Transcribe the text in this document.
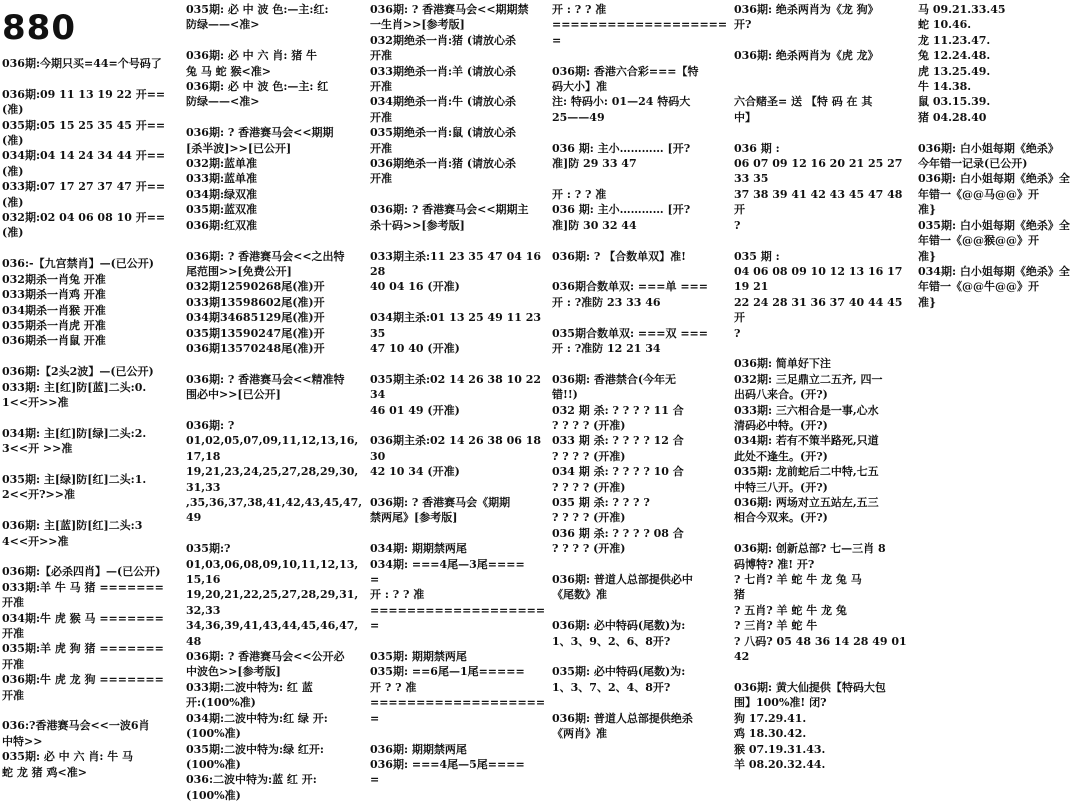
880

036期:今期只买=44=个号码了

036期:09 11 13 19 22 开==(准)

035期:05 15 25 35 45 开==(准)

034期:04 14 24 34 44 开==(准)

033期:07 17 27 37 47 开==(准)

032期:02 04 06 08 10 开==(准)

036:-【九宫禁肖】—(已公开)

032期杀一肖兔 开准

033期杀一肖鸡 开准

034期杀一肖猴 开准

035期杀一肖虎 开准

036期杀一肖鼠 开准

036期:【2头2波】—(已公开)

033期: 主[红]防[蓝]二头:0.

1<<开>>准

034期: 主[红]防[绿]二头:2.

3<<开 >>准

035期: 主[绿]防[红]二头:1.

2<<开?>>准

036期: 主[蓝]防[红]二头:3

4<<开>>准

036期:【必杀四肖】—(已公开)

033期:羊 牛 马 猪 =======

开准

034期:牛 虎 猴 马 =======

开准

035期:羊 虎 狗 猪 =======

开准

036期:牛 虎 龙 狗 =======

开准

036:?香港赛马会<<一波6肖

中特>>

035期: 必 中 六 肖: 牛 马

蛇 龙 猪 鸡<准>

035期: 必 中 波 色:—主:红:

防绿——<准>

036期: 必 中 六 肖: 猪 牛

兔 马 蛇 猴<准>

036期: 必 中 波 色:—主: 红

防绿——<准>

036期: ? 香港赛马会<<期期

[杀半波]>>[已公开]

032期:蓝单准

033期:蓝单准

034期:绿双准

035期:蓝双准

036期:红双准

036期: ? 香港赛马会<<之出特

尾范围>>[免费公开]

032期12590268尾(准)开

033期13598602尾(准)开

034期34685129尾(准)开

035期13590247尾(准)开

036期13570248尾(准)开

036期: ? 香港赛马会<<精准特

围必中>>[已公开]

036期: ?

01,02,05,07,09,11,12,13,16,17,18

19,21,23,24,25,27,28,29,30,31,33

,35,36,37,38,41,42,43,45,47,49

035期:?

01,03,06,08,09,10,11,12,13,15,16

19,20,21,22,25,27,28,29,31,32,33

34,36,39,41,43,44,45,46,47,48

036期: ? 香港赛马会<<公开必

中波色>>[参考版]

033期:二波中特为: 红 蓝

开:(100%准)

034期:二波中特为:红 绿 开:

(100%准)

035期:二波中特为:绿 红开:

(100%准)

036:二波中特为:蓝 红 开:

(100%准)

036期: ? 香港赛马会<<期期禁

一生肖>>[参考版]

032期绝杀一肖:猪 (请放心杀

开准

033期绝杀一肖:羊 (请放心杀

开准

034期绝杀一肖:牛 (请放心杀

开准

035期绝杀一肖:鼠 (请放心杀

开准

036期绝杀一肖:猪 (请放心杀

开准

036期: ? 香港赛马会<<期期主

杀十码>>[参考版]

033期主杀:11 23 35 47 04 16 28

40 04 16 (开准)

034期主杀:01 13 25 49 11 23 35

47 10 40 (开准)

035期主杀:02 14 26 38 10 22 34

46 01 49 (开准)

036期主杀:02 14 26 38 06 18 30

42 10 34 (开准)

036期: ? 香港赛马会《期期

禁两尾》[参考版]

034期: 期期禁两尾

034期: ===4尾—3尾====

=

开 : ? ? 准

====================

035期: 期期禁两尾

035期: ==6尾—1尾=====

开 ? ? 准

====================

036期: 期期禁两尾

036期: ===4尾—5尾====

=

开 : ? ? 准

====================

036期: 香港六合彩===【特

码大小】准

注: 特码小: 01—24 特码大

25——49

036 期: 主小………… [开?

准]防 29 33 47

开 : ? ? 准

036 期: 主小………… [开?

准]防 30 32 44

036期: ? 【合数单双】准!

036期合数单双: ===单 ===

开 : ?准防 23 33 46

035期合数单双: ===双 ===

开 : ?准防 12 21 34

036期: 香港禁合(今年无

错!!)

032 期 杀: ? ? ? ? 11 合

? ? ? ? (开准)

033 期 杀: ? ? ? ? 12 合

? ? ? ? (开准)

034 期 杀: ? ? ? ? 10 合

? ? ? ? (开准)

035 期 杀: ? ? ? ?

? ? ? ? (开准)

036 期 杀: ? ? ? ? 08 合

? ? ? ? (开准)

036期: 普道人总部提供必中

《尾数》准

036期: 必中特码(尾数)为:

1、3、9、2、6、8开?

035期: 必中特码(尾数)为:

1、3、7、2、4、8开?

036期: 普道人总部提供绝杀

《两肖》准

036期: 绝杀两肖为《龙 狗》

开?

036期: 绝杀两肖为《虎 龙》

六合赌圣= 送 【特 码 在 其

中】

036 期 :

06 07 09 12 16 20 21 25 27 33 35

37 38 39 41 42 43 45 47 48 开

?

035 期 :

04 06 08 09 10 12 13 16 17 19 21

22 24 28 31 36 37 40 44 45 开

?

036期: 简单好下注

032期: 三足鼎立二五齐, 四一

出码八来合。(开?)

033期: 三六相合是一事,心水

清码必中特。(开?)

034期: 若有不策半路死,只道

此处不逢生。(开?)

035期: 龙前蛇后二中特,七五

中特三八开。(开?)

036期: 两场对立五站左,五三

相合今双来。(开?)

036期: 创新总部? 七—三肖 8

码博特? 准! 开?

? 七肖? 羊 蛇 牛 龙 兔 马

猪

? 五肖? 羊 蛇 牛 龙 兔

? 三肖? 羊 蛇 牛

? 八码? 05 48 36 14 28 49 01

42

036期: 黄大仙提供【特码大包

围】100%准! 闭?

狗 17.29.41.

鸡 18.30.42.

猴 07.19.31.43.

羊 08.20.32.44.

马 09.21.33.45

蛇 10.46.

龙 11.23.47.

兔 12.24.48.

虎 13.25.49.

牛 14.38.

鼠 03.15.39.

猪 04.28.40

036期: 白小姐每期《绝杀》

今年错一记录(已公开)

036期: 白小姐每期《绝杀》全

年错一《@@马@@》开

准}

035期: 白小姐每期《绝杀》全

年错一《@@猴@@》开

准}

034期: 白小姐每期《绝杀》全

年错一《@@牛@@》开

准}
